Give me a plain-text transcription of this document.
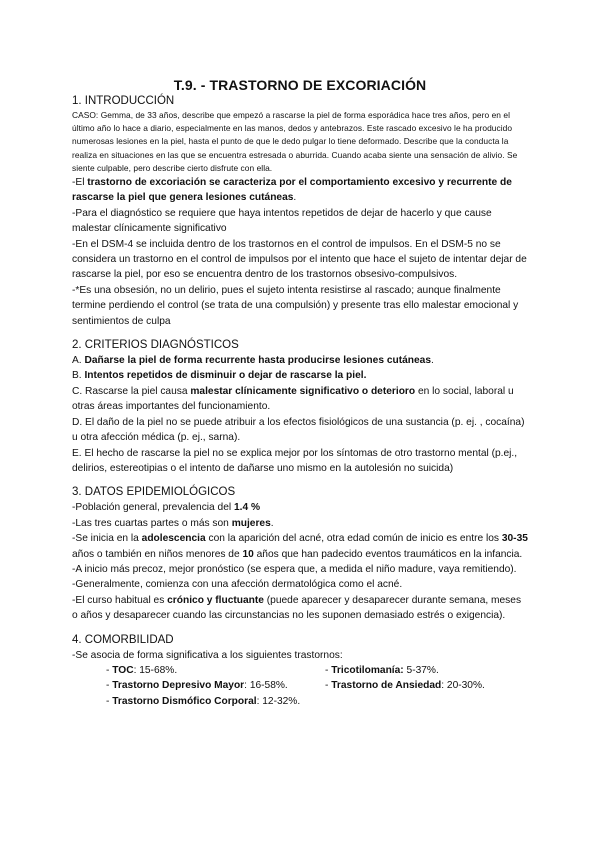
T.9. - TRASTORNO DE EXCORIACIÓN
1. INTRODUCCIÓN

CASO: Gemma, de 33 años, describe que empezó a rascarse la piel de forma esporádica hace tres años, pero en el último año lo hace a diario, especialmente en las manos, dedos y antebrazos. Este rascado excesivo le ha producido numerosas lesiones en la piel, hasta el punto de que le dedo pulgar lo tiene deformado. Describe que la conducta la realiza en situaciones en las que se encuentra estresada o aburrida. Cuando acaba siente una sensación de alivio. Se siente culpable, pero describe cierto disfrute con ella.

-El trastorno de excoriación se caracteriza por el comportamiento excesivo y recurrente de rascarse la piel que genera lesiones cutáneas.

-Para el diagnóstico se requiere que haya intentos repetidos de dejar de hacerlo y que cause malestar clínicamente significativo

-En el DSM-4 se incluida dentro de los trastornos en el control de impulsos. En el DSM-5 no se considera un trastorno en el control de impulsos por el intento que hace el sujeto de intentar dejar de rascarse la piel, por eso se encuentra dentro de los trastornos obsesivo-compulsivos.

-*Es una obsesión, no un delirio, pues el sujeto intenta resistirse al rascado; aunque finalmente termine perdiendo el control (se trata de una compulsión) y presente tras ello malestar emocional y sentimientos de culpa

2. CRITERIOS DIAGNÓSTICOS

A. Dañarse la piel de forma recurrente hasta producirse lesiones cutáneas.

B. Intentos repetidos de disminuir o dejar de rascarse la piel.

C. Rascarse la piel causa malestar clínicamente significativo o deterioro en lo social, laboral u otras áreas importantes del funcionamiento.

D. El daño de la piel no se puede atribuir a los efectos fisiológicos de una sustancia (p. ej. , cocaína) u otra afección médica (p. ej., sarna).

E. El hecho de rascarse la piel no se explica mejor por los síntomas de otro trastorno mental (p.ej., delirios, estereotipias o el intento de dañarse uno mismo en la autolesión no suicida)

3. DATOS EPIDEMIOLÓGICOS

-Población general, prevalencia del 1.4 %

-Las tres cuartas partes o más son mujeres.

-Se inicia en la adolescencia con la aparición del acné, otra edad común de inicio es entre los 30-35 años o también en niños menores de 10 años que han padecido eventos traumáticos en la infancia.

-A inicio más precoz, mejor pronóstico (se espera que, a medida el niño madure, vaya remitiendo).

-Generalmente, comienza con una afección dermatológica como el acné.

-El curso habitual es crónico y fluctuante (puede aparecer y desaparecer durante semana, meses o años y desaparecer cuando las circunstancias no les suponen demasiado estrés o exigencia).

4. COMORBILIDAD

-Se asocia de forma significativa a los siguientes trastornos:

- TOC: 15-68%.	- Tricotilomanía: 5-37%.
- Trastorno Depresivo Mayor: 16-58%.	- Trastorno de Ansiedad: 20-30%.
- Trastorno Dismófico Corporal: 12-32%.
